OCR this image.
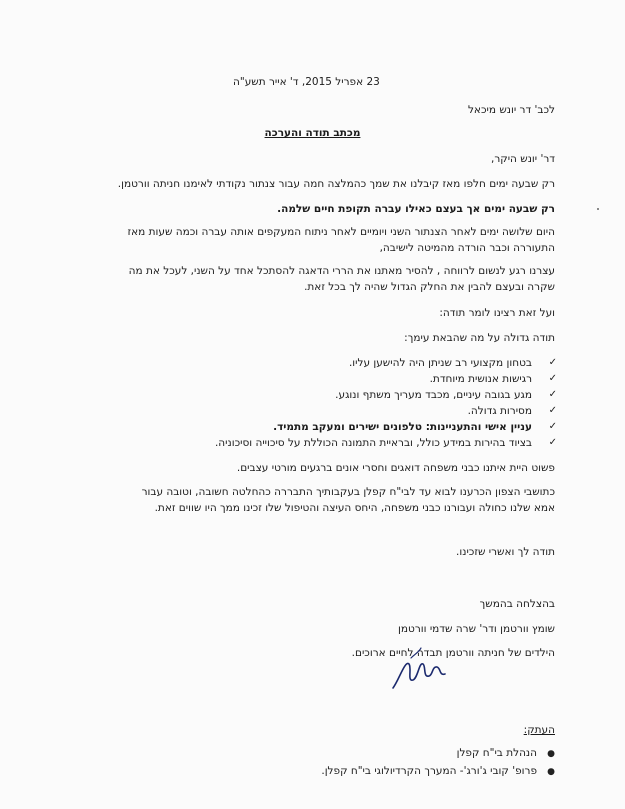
23 אפריל 2015, ד' אייר תשע"ה
לכב' דר יונש מיכאל
מכתב תודה והערכה
דר' יונש היקר,
רק שבעה ימים חלפו מאז קיבלנו את שמך כהמלצה חמה עבור צנתור נקודתי לאימנו חניתה וורטמן.
רק שבעה ימים אך בעצם כאילו עברה תקופת חיים שלמה.
היום שלושה ימים לאחר הצנתור השני ויומיים לאחר ניתוח המעקפים אותה עברה וכמה שעות מאז
התעוררה וכבר הורדה מהמיטה לישיבה,
עצרנו רגע לנשום לרווחה , להסיר מאתנו את הררי הדאגה להסתכל אחד על השני, לעכל את מה
שקרה ובעצם להבין את החלק הגדול שהיה לך בכל זאת.
ועל זאת רצינו לומר תודה:
תודה גדולה על מה שהבאת עימך:
✓
בטחון מקצועי רב שניתן היה להישען עליו.
✓
רגישות אנושית מיוחדת.
✓
מגע בגובה עיניים, מכבד מעריך משתף ונוגע.
✓
מסירות גדולה.
✓
עניין אישי והתעניינות: טלפונים ישירים ומעקב מתמיד.
✓
בציוד בהירות במידע כולל, ובראיית התמונה הכוללת על סיכוייה וסיכוניה.
פשוט היית איתנו כבני משפחה דואגים וחסרי אונים ברגעים מורטי עצבים.
כתושבי הצפון הכרענו לבוא עד לבי"ח קפלן בעקבותיך התבררה כהחלטה חשובה, וטובה עבור
אמא שלנו כחולה ועבורנו כבני משפחה, היחס העיצה והטיפול שלו זכינו ממך היו שווים זאת.
תודה לך ואשרי שזכינו.
בהצלחה בהמשך
שומץ וורטמן ודר' שרה שדמי וורטמן
הילדים של חניתה וורטמן תבדה לחיים ארוכים.
העתק:
●
הנהלת בי"ח קפלן
●
פרופ' קובי ג'ורג'- המערך הקרדיולוגי בי"ח קפלן.
